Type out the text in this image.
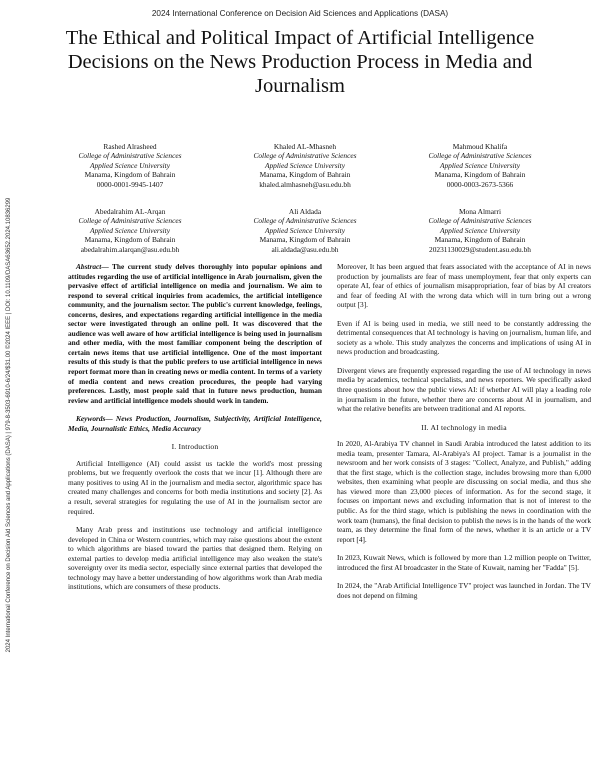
2024 International Conference on Decision Aid Sciences and Applications (DASA)
2024 International Conference on Decision Aid Sciences and Applications (DASA) | 979-8-3503-6910-6/24/$31.00 ©2024 IEEE | DOI: 10.1109/DASA63652.2024.10836299
The Ethical and Political Impact of Artificial Intelligence Decisions on the News Production Process in Media and Journalism
Rashed Alrasheed
College of Administrative Sciences
Applied Science University
Manama, Kingdom of Bahrain
0000-0001-9945-1407
Khaled AL-Mhasneh
College of Administrative Sciences
Applied Science University
Manama, Kingdom of Bahrain
khaled.almhasneh@asu.edu.bh
Mahmoud Khalifa
College of Administrative Sciences
Applied Science University
Manama, Kingdom of Bahrain
0000-0003-2673-5366
Abedalrahim AL-Arqan
College of Administrative Sciences
Applied Science University
Manama, Kingdom of Bahrain
abedalrahim.alarqan@asu.edu.bh
Ali Aldada
College of Administrative Sciences
Applied Science University
Manama, Kingdom of Bahrain
ali.aldada@asu.edu.bh
Mona Almarri
College of Administrative Sciences
Applied Science University
Manama, Kingdom of Bahrain
20231130029@student.asu.edu.bh

Abstract— The current study delves thoroughly into popular opinions and attitudes regarding the use of artificial intelligence in Arab journalism, given the pervasive effect of artificial intelligence on media and journalism. We aim to respond to several critical inquiries from academics, the artificial intelligence community, and the journalism sector. The public's current knowledge, feelings, concerns, desires, and expectations regarding artificial intelligence in the media sector were investigated through an online poll. It was discovered that the audience was well aware of how artificial intelligence is being used in journalism and other media, with the most familiar component being the description of certain news items that use artificial intelligence. One of the most important results of this study is that the public prefers to use artificial intelligence in news report format more than in creating news or media content. In terms of a variety of media content and news creation procedures, the people had varying preferences. Lastly, most people said that in future news production, human review and artificial intelligence models should work in tandem.

Keywords— News Production, Journalism, Subjectivity, Artificial Intelligence, Media, Journalistic Ethics, Media Accuracy

I. Introduction

Artificial Intelligence (AI) could assist us tackle the world's most pressing problems, but we frequently overlook the costs that we incur [1]. Although there are many positives to using AI in the journalism and media sector, algorithmic space has created many challenges and concerns for both media institutions and society [2]. As a result, several strategies for regulating the use of AI in the journalism sector are required.

Many Arab press and institutions use technology and artificial intelligence developed in China or Western countries, which may raise questions about the extent to which algorithms are biased toward the parties that designed them. Relying on external parties to develop media artificial intelligence may also weaken the state's sovereignty over its media sector, especially since external parties that developed the technology may have a better understanding of how algorithms work than Arab media institutions, which are consumers of these products.

Moreover, It has been argued that fears associated with the acceptance of AI in news production by journalists are fear of mass unemployment, fear that only experts can operate AI, fear of ethics of journalism misappropriation, fear of bias by AI creators and fear of feeding AI with the wrong data which will in turn bring out a wrong output [3].

Even if AI is being used in media, we still need to be constantly addressing the detrimental consequences that AI technology is having on journalism, human life, and society as a whole. This study analyzes the concerns and implications of using AI in news production and broadcasting.

Divergent views are frequently expressed regarding the use of AI technology in news media by academics, technical specialists, and news reporters. We specifically asked three questions about how the public views AI: if whether AI will play a leading role in journalism in the future, whether there are concerns about AI in journalism, and what the relative benefits are between traditional and AI reports.

II. AI technology in media

In 2020, Al-Arabiya TV channel in Saudi Arabia introduced the latest addition to its media team, presenter Tamara, Al-Arabiya's AI project. Tamar is a journalist in the newsroom and her work consists of 3 stages: "Collect, Analyze, and Publish," adding that the first stage, which is the collection stage, includes browsing more than 6,000 websites, then examining what people are discussing on social media, and thus she has viewed more than 23,000 pieces of information. As for the second stage, it focuses on important news and excluding information that is not of interest to the public. As for the third stage, which is publishing the news in coordination with the work team (humans), the final decision to publish the news is in the hands of the work team, as they determine the final form of the news, whether it is an article or a TV report [4].

In 2023, Kuwait News, which is followed by more than 1.2 million people on Twitter, introduced the first AI broadcaster in the State of Kuwait, naming her "Fadda" [5].

In 2024, the "Arab Artificial Intelligence TV" project was launched in Jordan. The TV does not depend on filming
